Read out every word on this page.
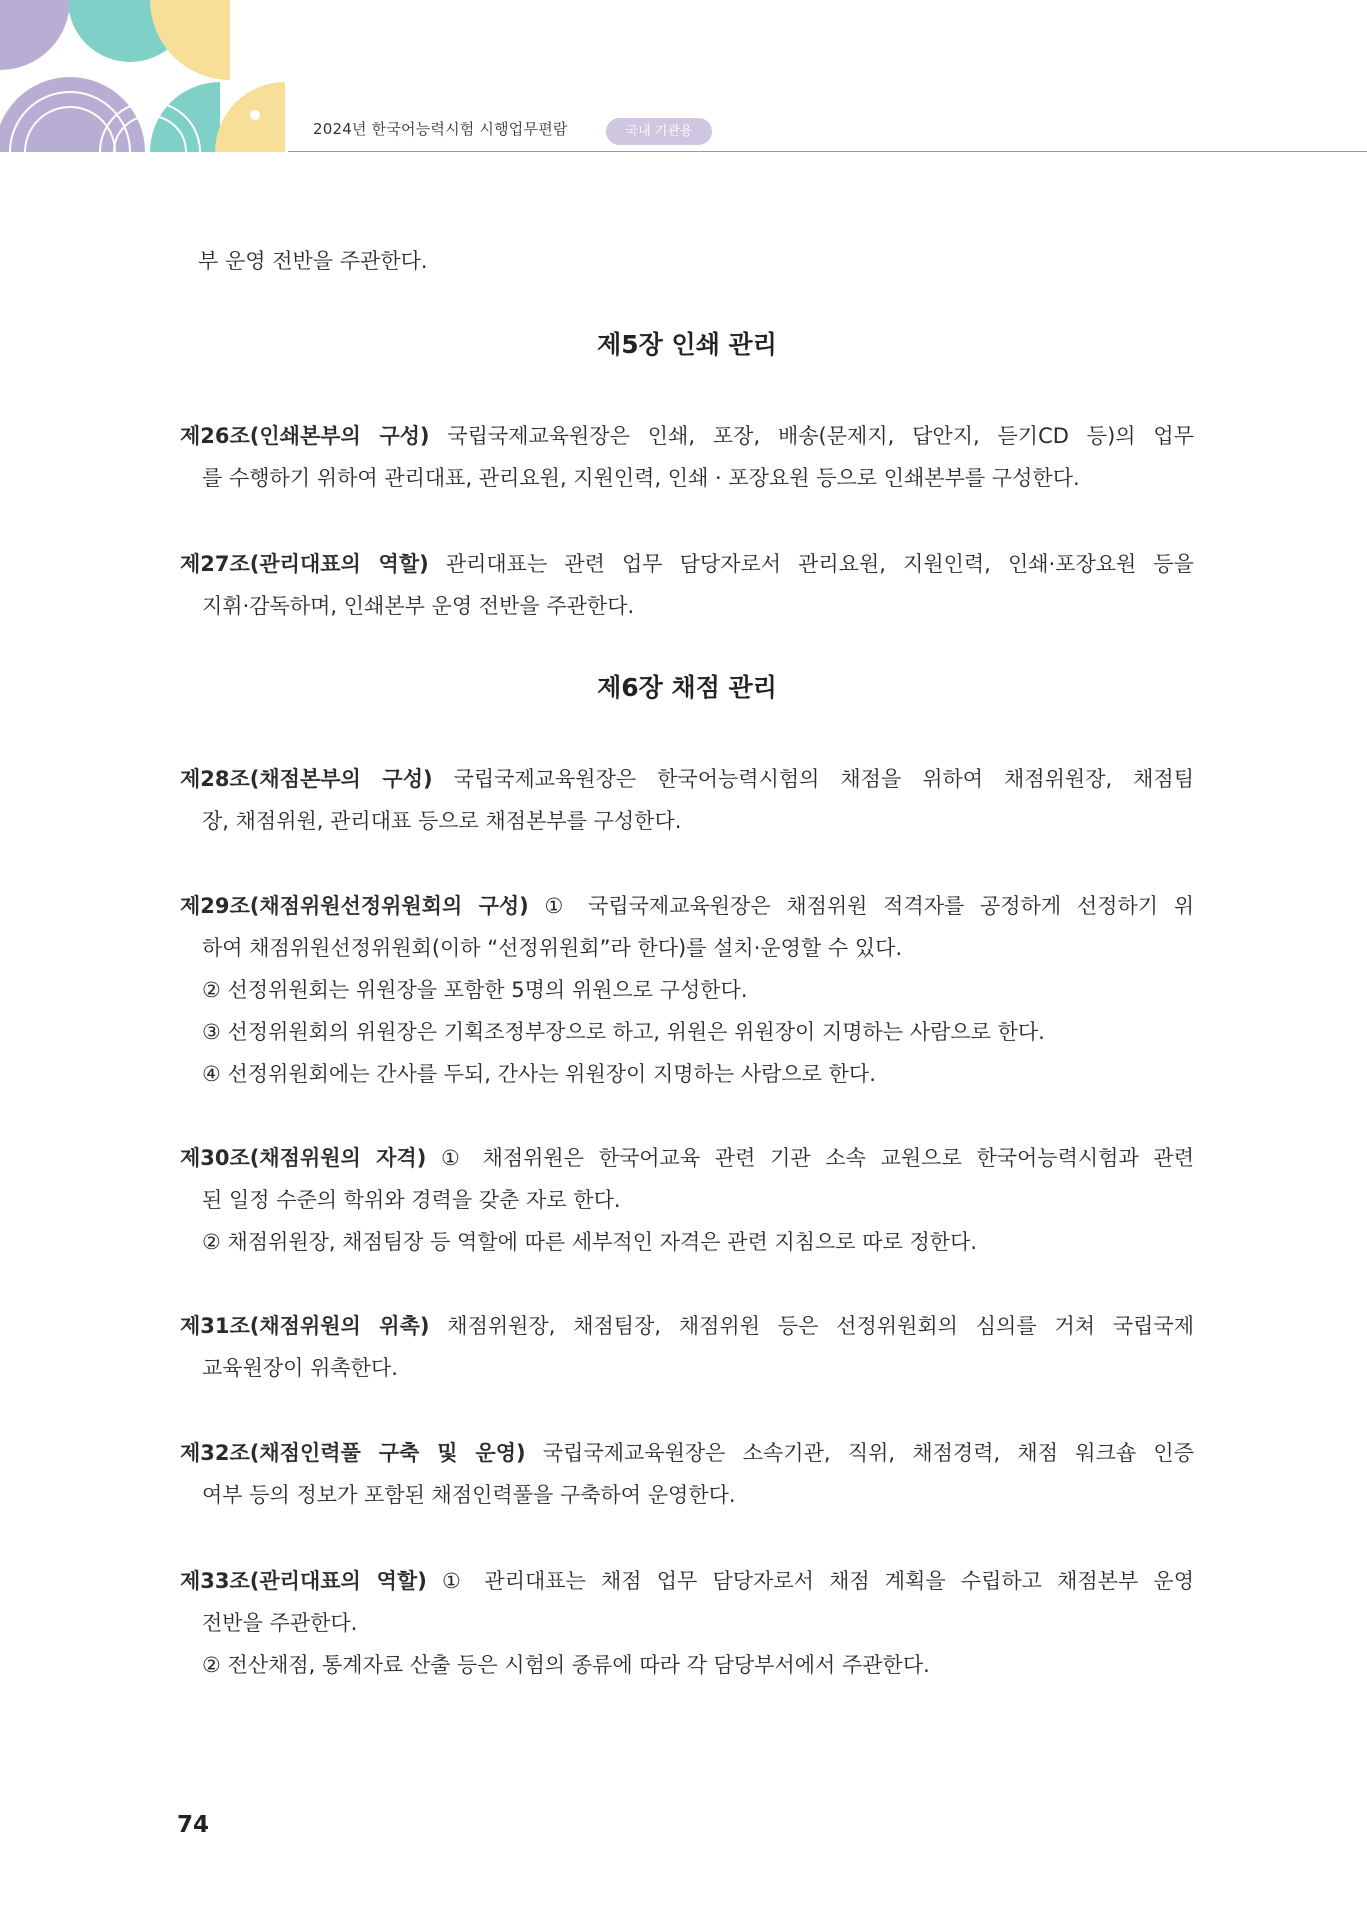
2024년 한국어능력시험 시행업무편람	국내 기관용
부 운영 전반을 주관한다.
제5장 인쇄 관리
제26조(인쇄본부의 구성) 국립국제교육원장은 인쇄, 포장, 배송(문제지, 답안지, 듣기CD 등)의 업무
를 수행하기 위하여 관리대표, 관리요원, 지원인력, 인쇄 · 포장요원 등으로 인쇄본부를 구성한다.
제27조(관리대표의 역할) 관리대표는 관련 업무 담당자로서 관리요원, 지원인력, 인쇄·포장요원 등을
지휘·감독하며, 인쇄본부 운영 전반을 주관한다.
제6장 채점 관리
제28조(채점본부의 구성) 국립국제교육원장은 한국어능력시험의 채점을 위하여 채점위원장, 채점팀
장, 채점위원, 관리대표 등으로 채점본부를 구성한다.
제29조(채점위원선정위원회의 구성) ① 국립국제교육원장은 채점위원 적격자를 공정하게 선정하기 위
하여 채점위원선정위원회(이하 “선정위원회”라 한다)를 설치·운영할 수 있다.
② 선정위원회는 위원장을 포함한 5명의 위원으로 구성한다.
③ 선정위원회의 위원장은 기획조정부장으로 하고, 위원은 위원장이 지명하는 사람으로 한다.
④ 선정위원회에는 간사를 두되, 간사는 위원장이 지명하는 사람으로 한다.
제30조(채점위원의 자격) ① 채점위원은 한국어교육 관련 기관 소속 교원으로 한국어능력시험과 관련
된 일정 수준의 학위와 경력을 갖춘 자로 한다.
② 채점위원장, 채점팀장 등 역할에 따른 세부적인 자격은 관련 지침으로 따로 정한다.
제31조(채점위원의 위촉) 채점위원장, 채점팀장, 채점위원 등은 선정위원회의 심의를 거쳐 국립국제
교육원장이 위촉한다.
제32조(채점인력풀 구축 및 운영) 국립국제교육원장은 소속기관, 직위, 채점경력, 채점 워크숍 인증
여부 등의 정보가 포함된 채점인력풀을 구축하여 운영한다.
제33조(관리대표의 역할) ① 관리대표는 채점 업무 담당자로서 채점 계획을 수립하고 채점본부 운영
전반을 주관한다.
② 전산채점, 통계자료 산출 등은 시험의 종류에 따라 각 담당부서에서 주관한다.
74
